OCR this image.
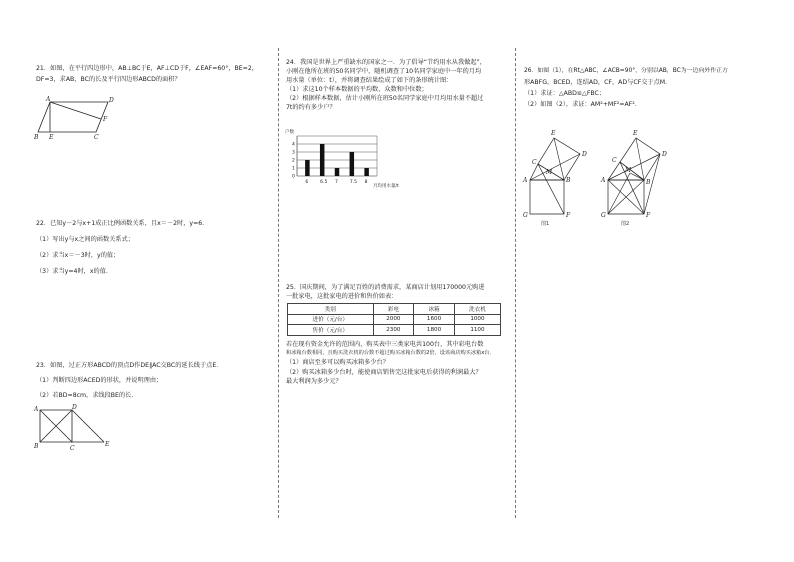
21．如图，在平行四边形中，AB⊥BC于E，AF⊥CD于F，∠EAF=60°，BE=2，

DF=3，求AB，BC的长及平行四边形ABCD的面积？

A	D
F
B E	C

22．已知y－2与x+1成正比例函数关系，且x＝－2时，y=6．

（1）写出y与x之间的函数关系式；

（2）求当x＝－3时，y的值；

（3）求当y=4时，x的值．

23．如图，过正方形ABCD的顶点D作DE∥AC交BC的延长线于点E．

（1）判断四边形ACED的形状，并说明理由；

（2）若BD=8cm，求线段BE的长．

A	D
B	C
E

24．我国是世界上严重缺水的国家之一．为了倡导“节约用水从我做起”，

小刚在他所在班的50名同学中，随机调查了10名同学家庭中一年的月均

用水量（单位：t），并将调查结果绘成了如下的条形统计图：

（1）求这10个样本数据的平均数、众数和中位数；

（2）根据样本数据，估计小刚所在班50名同学家庭中月均用水量不超过

7t的约有多少户？

户数
月均用水量/t
0
1
2
3
4
6	6.5 7	7.5 8

25．国庆期间，为了满足百姓的消费需求，某商店计划用170000元购进

一批家电，这批家电的进价和售价如表：

类别	彩电	冰箱	洗衣机
进价（元/台）	2000	1600	1000
售价（元/台）	2300	1800	1100

若在现有资金允许的范围内，购买表中三类家电共100台，其中彩电台数

和冰箱台数相同，且购买洗衣机的台数不超过购买冰箱台数的2倍，设该商店购买冰箱x台．

（1）商店至多可以购买冰箱多少台？

（2）购买冰箱多少台时，能使商店销售完这批家电后获得的利润最大？

最大利润为多少元？

26．如图（1），在Rt△ABC，∠ACB=90°，分别以AB，BC为一边向外作正方

形ABFG，BCED，连结AD，CF，AD与CF交于点M．

（1）求证：△ABD≌△FBC；

（2）如图（2），求证：AM²+MF²=AF²．

E
D
C
M
A	B
G	F
图1
E
D
C
M
A	B
G	F
图2
